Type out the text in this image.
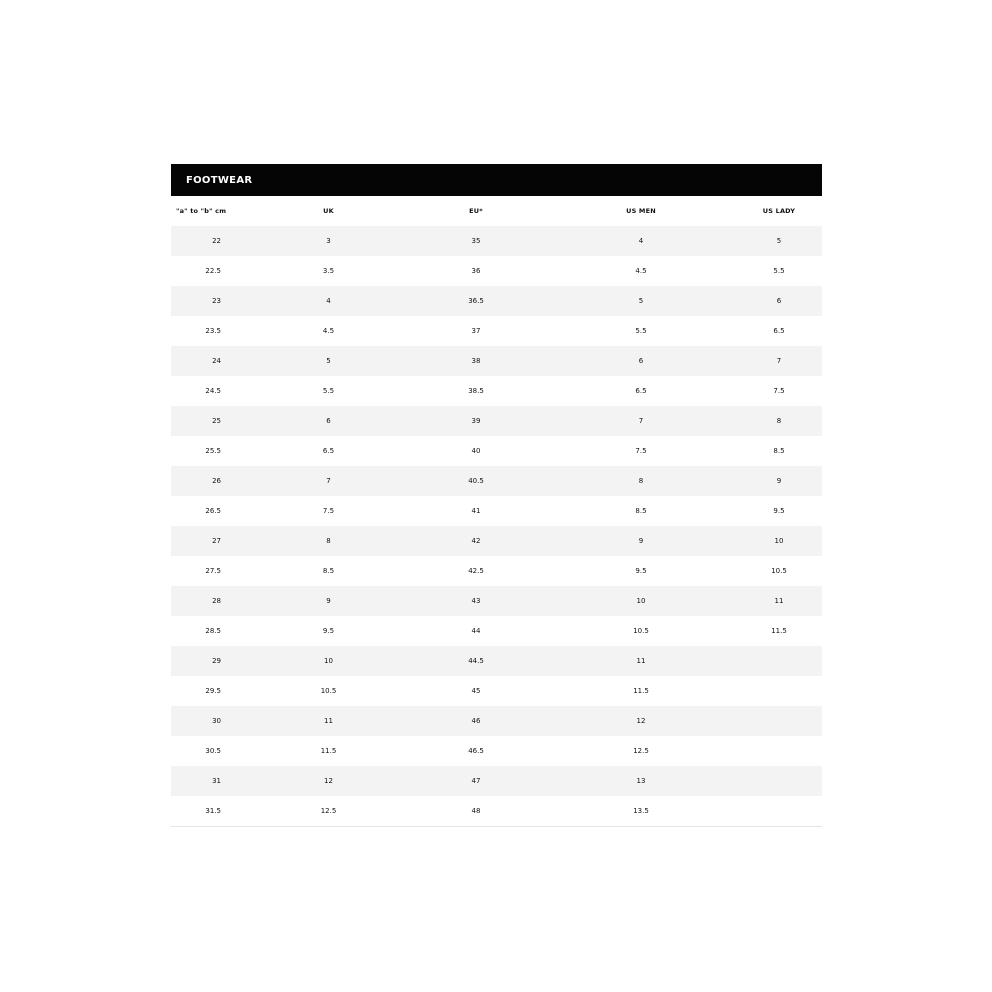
FOOTWEAR
"a" to "b" cm	UK	EU*	US MEN	US LADY
22	3	35	4	5
22.5	3.5	36	4.5	5.5
23	4	36.5	5	6
23.5	4.5	37	5.5	6.5
24	5	38	6	7
24.5	5.5	38.5	6.5	7.5
25	6	39	7	8
25.5	6.5	40	7.5	8.5
26	7	40.5	8	9
26.5	7.5	41	8.5	9.5
27	8	42	9	10
27.5	8.5	42.5	9.5	10.5
28	9	43	10	11
28.5	9.5	44	10.5	11.5
29	10	44.5	11
29.5	10.5	45	11.5
30	11	46	12
30.5	11.5	46.5	12.5
31	12	47	13
31.5	12.5	48	13.5
